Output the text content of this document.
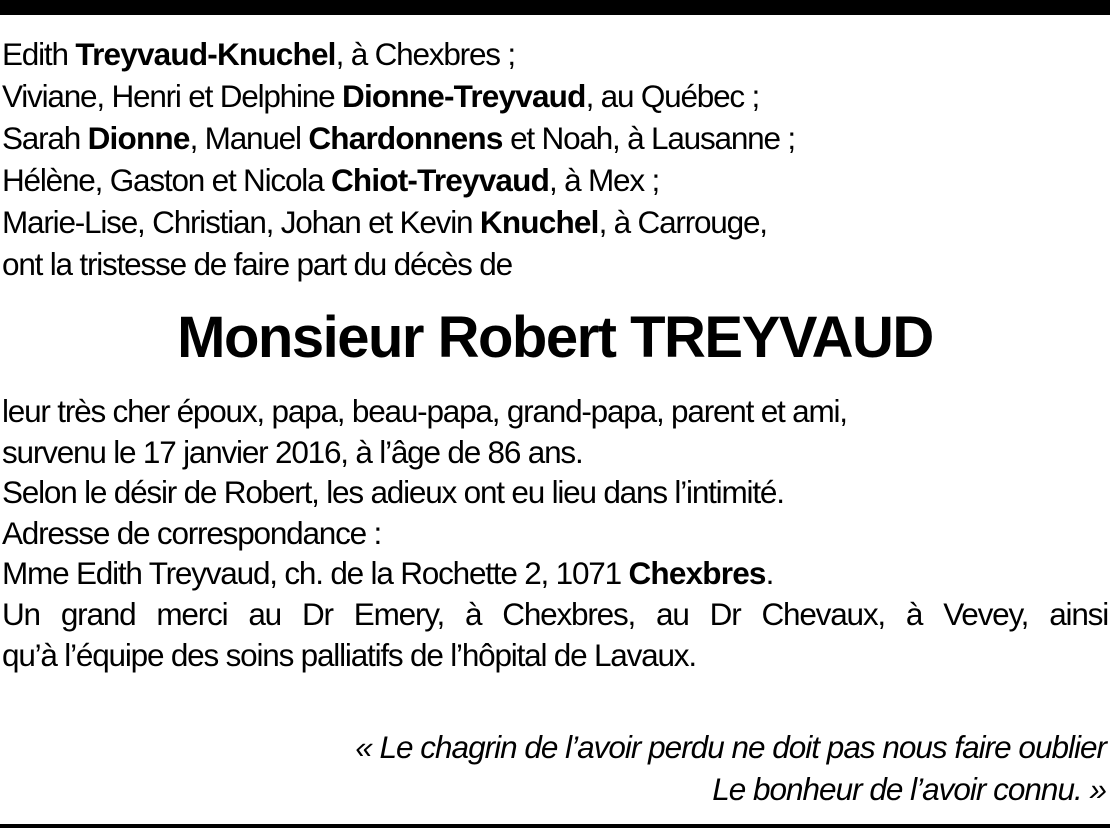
Edith Treyvaud-Knuchel, à Chexbres ;
Viviane, Henri et Delphine Dionne-Treyvaud, au Québec ;
Sarah Dionne, Manuel Chardonnens et Noah, à Lausanne ;
Hélène, Gaston et Nicola Chiot-Treyvaud, à Mex ;
Marie-Lise, Christian, Johan et Kevin Knuchel, à Carrouge,
ont la tristesse de faire part du décès de
Monsieur Robert TREYVAUD
leur très cher époux, papa, beau-papa, grand-papa, parent et ami,
survenu le 17 janvier 2016, à l’âge de 86 ans.
Selon le désir de Robert, les adieux ont eu lieu dans l’intimité.
Adresse de correspondance :
Mme Edith Treyvaud, ch. de la Rochette 2, 1071 Chexbres.
Un grand merci au Dr Emery, à Chexbres, au Dr Chevaux, à Vevey, ainsi
qu’à l’équipe des soins palliatifs de l’hôpital de Lavaux.
« Le chagrin de l’avoir perdu ne doit pas nous faire oublier
Le bonheur de l’avoir connu. »
